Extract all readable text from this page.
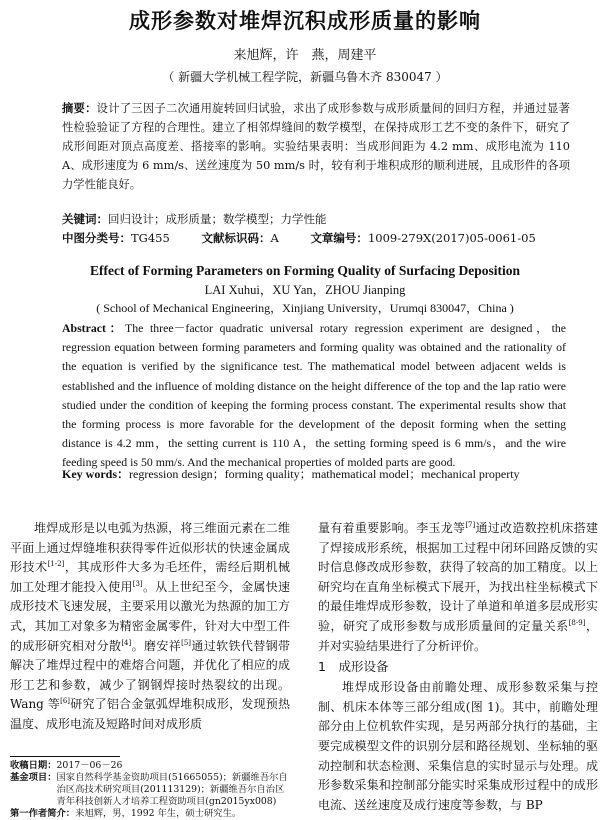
成形参数对堆焊沉积成形质量的影响
来旭辉，许　燕，周建平
（ 新疆大学机械工程学院，新疆乌鲁木齐 830047 ）
摘要：设计了三因子二次通用旋转回归试验，求出了成形参数与成形质量间的回归方程，并通过显著性检验验证了方程的合理性。建立了相邻焊缝间的数学模型，在保持成形工艺不变的条件下，研究了成形间距对顶点高度差、搭接率的影响。实验结果表明：当成形间距为 4.2 mm、成形电流为 110 A、成形速度为 6 mm/s、送丝速度为 50 mm/s 时，较有利于堆积成形的顺利进展，且成形件的各项力学性能良好。
关键词：回归设计；成形质量；数学模型；力学性能
中图分类号：TG455	文献标识码：A	文章编号：1009-279X(2017)05-0061-05
Effect of Forming Parameters on Forming Quality of Surfacing Deposition
LAI Xuhui，XU Yan，ZHOU Jianping
( School of Mechanical Engineering，Xinjiang University，Urumqi 830047，China )
Abstract：The three－factor quadratic universal rotary regression experiment are designed，the regression equation between forming parameters and forming quality was obtained and the rationality of the equation is verified by the significance test. The mathematical model between adjacent welds is established and the influence of molding distance on the height difference of the top and the lap ratio were studied under the condition of keeping the forming process constant. The experimental results show that the forming process is more favorable for the development of the deposit forming when the setting distance is 4.2 mm，the setting current is 110 A，the setting forming speed is 6 mm/s，and the wire feeding speed is 50 mm/s. And the mechanical properties of molded parts are good.
Key words：regression design；forming quality；mathematical model；mechanical property

堆焊成形是以电弧为热源，将三维面元素在二维平面上通过焊缝堆积获得零件近似形状的快速金属成形技术[1-2]，其成形件大多为毛坯件，需经后期机械加工处理才能投入使用[3]。从上世纪至今，金属快速成形技术飞速发展，主要采用以激光为热源的加工方式，其加工对象多为精密金属零件，针对大中型工件的成形研究相对分散[4]。磨安祥[5]通过软铁代替钢带解决了堆焊过程中的难熔合问题，并优化了相应的成形工艺和参数，减少了钢钢焊接时热裂纹的出现。Wang 等[6]研究了铝合金氩弧焊堆积成形，发现预热温度、成形电流及短路时间对成形质

量有着重要影响。李玉龙等[7]通过改造数控机床搭建了焊接成形系统，根据加工过程中闭环回路反馈的实时信息修改成形参数，获得了较高的加工精度。以上研究均在直角坐标模式下展开，为找出柱坐标模式下的最佳堆焊成形参数，设计了单道和单道多层成形实验，研究了成形参数与成形质量间的定量关系[8-9]，并对实验结果进行了分析评价。

1　成形设备

堆焊成形设备由前瞻处理、成形参数采集与控制、机床本体等三部分组成(图 1)。其中，前瞻处理部分由上位机软件实现，是另两部分执行的基础，主要完成模型文件的识别分层和路径规划、坐标轴的驱动控制和状态检测、采集信息的实时显示与处理。成形参数采集和控制部分能实时采集成形过程中的成形电流、送丝速度及成行速度等参数，与 BP

收稿日期： 2017－06－26
基金项目： 国家自然科学基金资助项目(51665055)；新疆维吾尔自治区高技术研究项目(201113129)；新疆维吾尔自治区青年科技创新人才培养工程资助项目(gn2015yx008)
第一作者简介： 来旭辉，男，1992 年生，硕士研究生。
